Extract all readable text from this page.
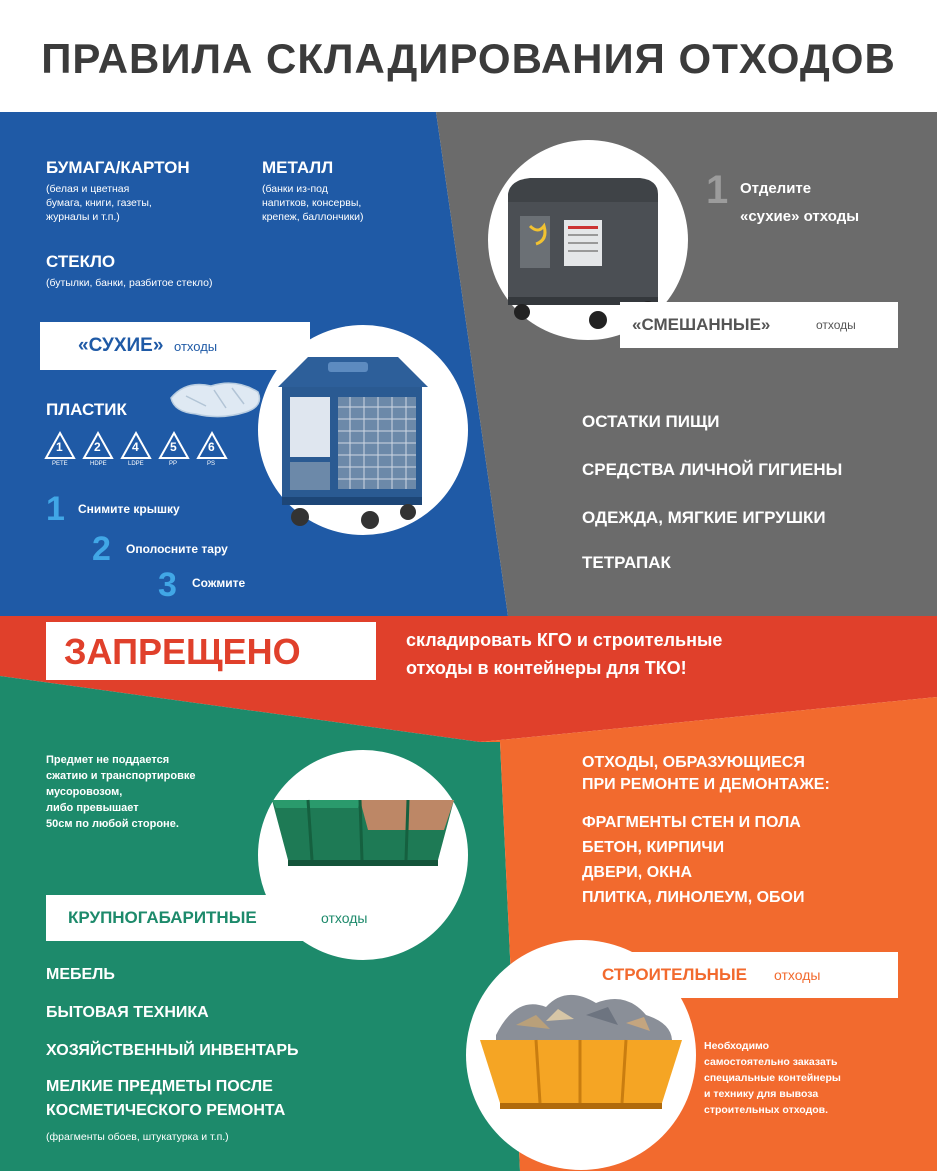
ПРАВИЛА СКЛАДИРОВАНИЯ ОТХОДОВ
БУМАГА/КАРТОН
(белая и цветная
бумага, книги, газеты,
журналы и т.п.)
МЕТАЛЛ
(банки из-под
напитков, консервы,
крепеж, баллончики)
СТЕКЛО
(бутылки, банки, разбитое стекло)
«СУХИЕ» отходы
ПЛАСТИК
1	2	4	5	6
PETE	HDPE	LDPE	PP	PS
1 Снимите крышку
2 Ополосните тару
3 Сожмите
1 Отделите
«сухие» отходы
«СМЕШАННЫЕ»	отходы
ОСТАТКИ ПИЩИ
СРЕДСТВА ЛИЧНОЙ ГИГИЕНЫ
ОДЕЖДА, МЯГКИЕ ИГРУШКИ
ТЕТРАПАК
ЗАПРЕЩЕНО	складировать КГО и строительные
отходы в контейнеры для ТКО!
Предмет не поддается
сжатию и транспортировке
мусоровозом,
либо превышает
50см по любой стороне.
КРУПНОГАБАРИТНЫЕ	отходы
МЕБЕЛЬ
БЫТОВАЯ ТЕХНИКА
ХОЗЯЙСТВЕННЫЙ ИНВЕНТАРЬ
МЕЛКИЕ ПРЕДМЕТЫ ПОСЛЕ
КОСМЕТИЧЕСКОГО РЕМОНТА
(фрагменты обоев, штукатурка и т.п.)
ОТХОДЫ, ОБРАЗУЮЩИЕСЯ
ПРИ РЕМОНТЕ И ДЕМОНТАЖЕ:
ФРАГМЕНТЫ СТЕН И ПОЛА
БЕТОН, КИРПИЧИ
ДВЕРИ, ОКНА
ПЛИТКА, ЛИНОЛЕУМ, ОБОИ
СТРОИТЕЛЬНЫЕ отходы
Необходимо
самостоятельно заказать
специальные контейнеры
и технику для вывоза
строительных отходов.
